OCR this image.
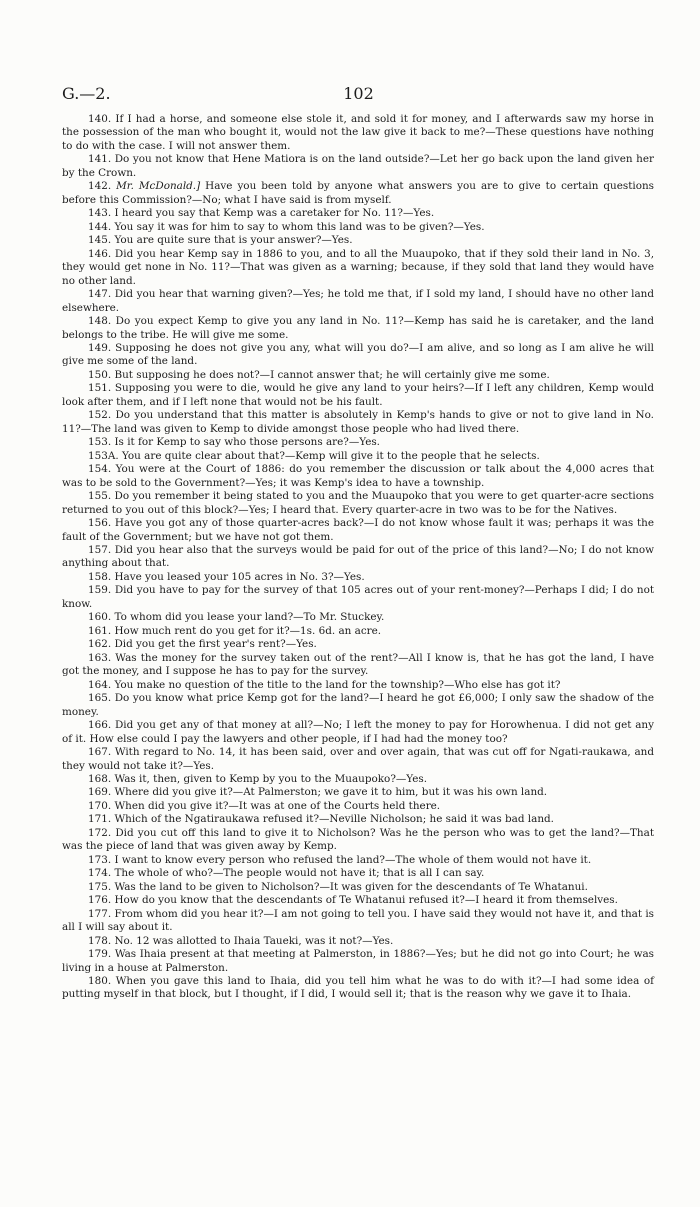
G.—2.	102

140. If I had a horse, and someone else stole it, and sold it for money, and I afterwards saw my horse in the possession of the man who bought it, would not the law give it back to me?—These questions have nothing to do with the case. I will not answer them.

141. Do you not know that Hene Matiora is on the land outside?—Let her go back upon the land given her by the Crown.

142. Mr. McDonald.] Have you been told by anyone what answers you are to give to certain questions before this Commission?—No; what I have said is from myself.

143. I heard you say that Kemp was a caretaker for No. 11?—Yes.

144. You say it was for him to say to whom this land was to be given?—Yes.

145. You are quite sure that is your answer?—Yes.

146. Did you hear Kemp say in 1886 to you, and to all the Muaupoko, that if they sold their land in No. 3, they would get none in No. 11?—That was given as a warning; because, if they sold that land they would have no other land.

147. Did you hear that warning given?—Yes; he told me that, if I sold my land, I should have no other land elsewhere.

148. Do you expect Kemp to give you any land in No. 11?—Kemp has said he is caretaker, and the land belongs to the tribe. He will give me some.

149. Supposing he does not give you any, what will you do?—I am alive, and so long as I am alive he will give me some of the land.

150. But supposing he does not?—I cannot answer that; he will certainly give me some.

151. Supposing you were to die, would he give any land to your heirs?—If I left any children, Kemp would look after them, and if I left none that would not be his fault.

152. Do you understand that this matter is absolutely in Kemp's hands to give or not to give land in No. 11?—The land was given to Kemp to divide amongst those people who had lived there.

153. Is it for Kemp to say who those persons are?—Yes.

153A. You are quite clear about that?—Kemp will give it to the people that he selects.

154. You were at the Court of 1886: do you remember the discussion or talk about the 4,000 acres that was to be sold to the Government?—Yes; it was Kemp's idea to have a township.

155. Do you remember it being stated to you and the Muaupoko that you were to get quarter-acre sections returned to you out of this block?—Yes; I heard that. Every quarter-acre in two was to be for the Natives.

156. Have you got any of those quarter-acres back?—I do not know whose fault it was; perhaps it was the fault of the Government; but we have not got them.

157. Did you hear also that the surveys would be paid for out of the price of this land?—No; I do not know anything about that.

158. Have you leased your 105 acres in No. 3?—Yes.

159. Did you have to pay for the survey of that 105 acres out of your rent-money?—Perhaps I did; I do not know.

160. To whom did you lease your land?—To Mr. Stuckey.

161. How much rent do you get for it?—1s. 6d. an acre.

162. Did you get the first year's rent?—Yes.

163. Was the money for the survey taken out of the rent?—All I know is, that he has got the land, I have got the money, and I suppose he has to pay for the survey.

164. You make no question of the title to the land for the township?—Who else has got it?

165. Do you know what price Kemp got for the land?—I heard he got £6,000; I only saw the shadow of the money.

166. Did you get any of that money at all?—No; I left the money to pay for Horowhenua. I did not get any of it. How else could I pay the lawyers and other people, if I had had the money too?

167. With regard to No. 14, it has been said, over and over again, that was cut off for Ngati-raukawa, and they would not take it?—Yes.

168. Was it, then, given to Kemp by you to the Muaupoko?—Yes.

169. Where did you give it?—At Palmerston; we gave it to him, but it was his own land.

170. When did you give it?—It was at one of the Courts held there.

171. Which of the Ngatiraukawa refused it?—Neville Nicholson; he said it was bad land.

172. Did you cut off this land to give it to Nicholson? Was he the person who was to get the land?—That was the piece of land that was given away by Kemp.

173. I want to know every person who refused the land?—The whole of them would not have it.

174. The whole of who?—The people would not have it; that is all I can say.

175. Was the land to be given to Nicholson?—It was given for the descendants of Te Whatanui.

176. How do you know that the descendants of Te Whatanui refused it?—I heard it from themselves.

177. From whom did you hear it?—I am not going to tell you. I have said they would not have it, and that is all I will say about it.

178. No. 12 was allotted to Ihaia Taueki, was it not?—Yes.

179. Was Ihaia present at that meeting at Palmerston, in 1886?—Yes; but he did not go into Court; he was living in a house at Palmerston.

180. When you gave this land to Ihaia, did you tell him what he was to do with it?—I had some idea of putting myself in that block, but I thought, if I did, I would sell it; that is the reason why we gave it to Ihaia.
